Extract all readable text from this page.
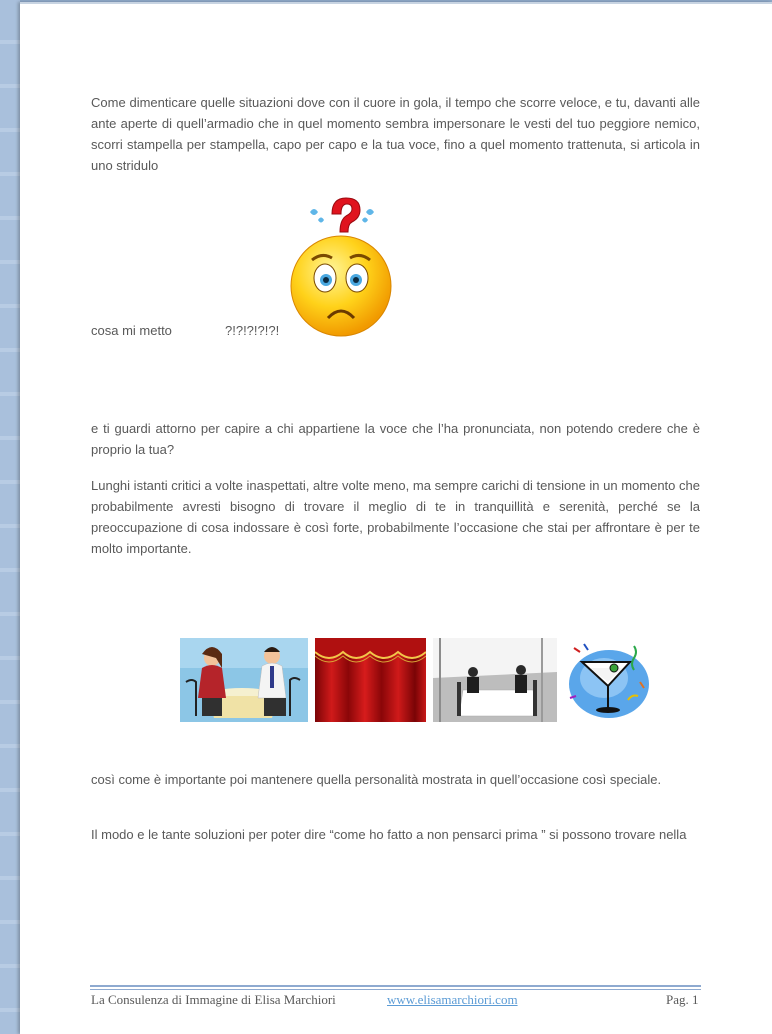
Come dimenticare quelle situazioni dove con il cuore in gola, il tempo che scorre veloce, e tu, davanti alle ante aperte di quell’armadio che in quel momento sembra impersonare le vesti del tuo peggiore nemico, scorri stampella per stampella, capo per capo e la tua voce, fino a quel momento trattenuta, si articola in uno stridulo

cosa mi metto	?!?!?!?!?!

e ti guardi attorno per capire a chi appartiene la voce che l’ha pronunciata, non potendo credere che è proprio la tua?

Lunghi istanti critici a volte inaspettati, altre volte meno, ma sempre carichi di tensione in un momento che probabilmente avresti bisogno di trovare il meglio di te in tranquillità e serenità, perché se la preoccupazione di cosa indossare è così forte, probabilmente l’occasione che stai per affrontare è per te molto importante.

così come è importante poi mantenere quella personalità mostrata in quell’occasione così speciale.

Il modo e le tante soluzioni per poter dire “come ho fatto a non pensarci prima ” si possono trovare nella

La Consulenza di Immagine di Elisa Marchiori	www.elisamarchiori.com	Pag. 1
